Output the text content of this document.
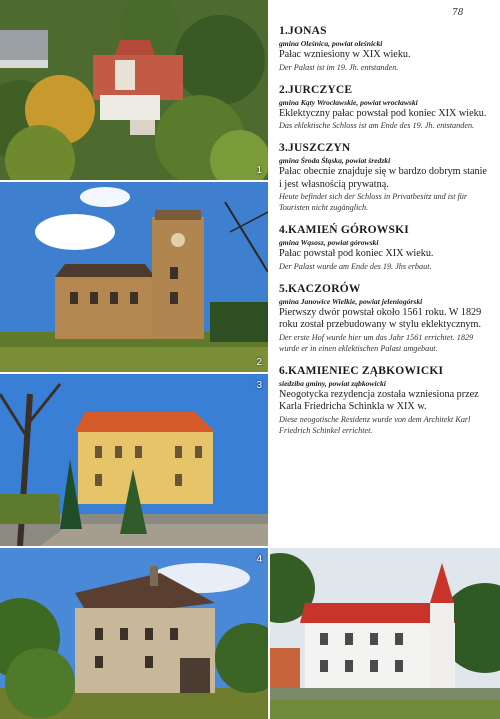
78
1
2
3
4
1.JONAS
gmina Oleśnica, powiat oleśnicki
Pałac wzniesiony w XIX wieku.
Der Palast ist im 19. Jh. entstanden.
2.JURCZYCE
gmina Kąty Wrocławskie, powiat wrocławski
Eklektyczny pałac powstał pod koniec XIX wieku.
Das eklektische Schloss ist am Ende des 19. Jh. entstanden.
3.JUSZCZYN
gmina Środa Śląska, powiat średzki
Pałac obecnie znajduje się w bardzo dobrym stanie i jest własnością prywatną.
Heute befindet sich der Schloss in Privatbesitz und ist für Touristen nicht zugänglich.
4.KAMIEŃ GÓROWSKI
gmina Wąsosz, powiat górowski
Pałac powstał pod koniec XIX wieku.
Der Palast wurde am Ende des 19. Jhs erbaut.
5.KACZORÓW
gmina Janowice Wielkie, powiat jeleniogórski
Pierwszy dwór powstał około 1561 roku. W 1829 roku został przebudowany w stylu eklektycznym.
Der erste Hof wurde hier um das Jahr 1561 errichtet. 1829 wurde er in einen eklektischen Palast umgebaut.
6.KAMIENIEC ZĄBKOWICKI
siedziba gminy, powiat ząbkowicki
Neogotycka rezydencja została wzniesiona przez Karla Friedricha Schinkla w XIX w.
Diese neogotische Residenz wurde von dem Architekt Karl Friedrich Schinkel errichtet.
